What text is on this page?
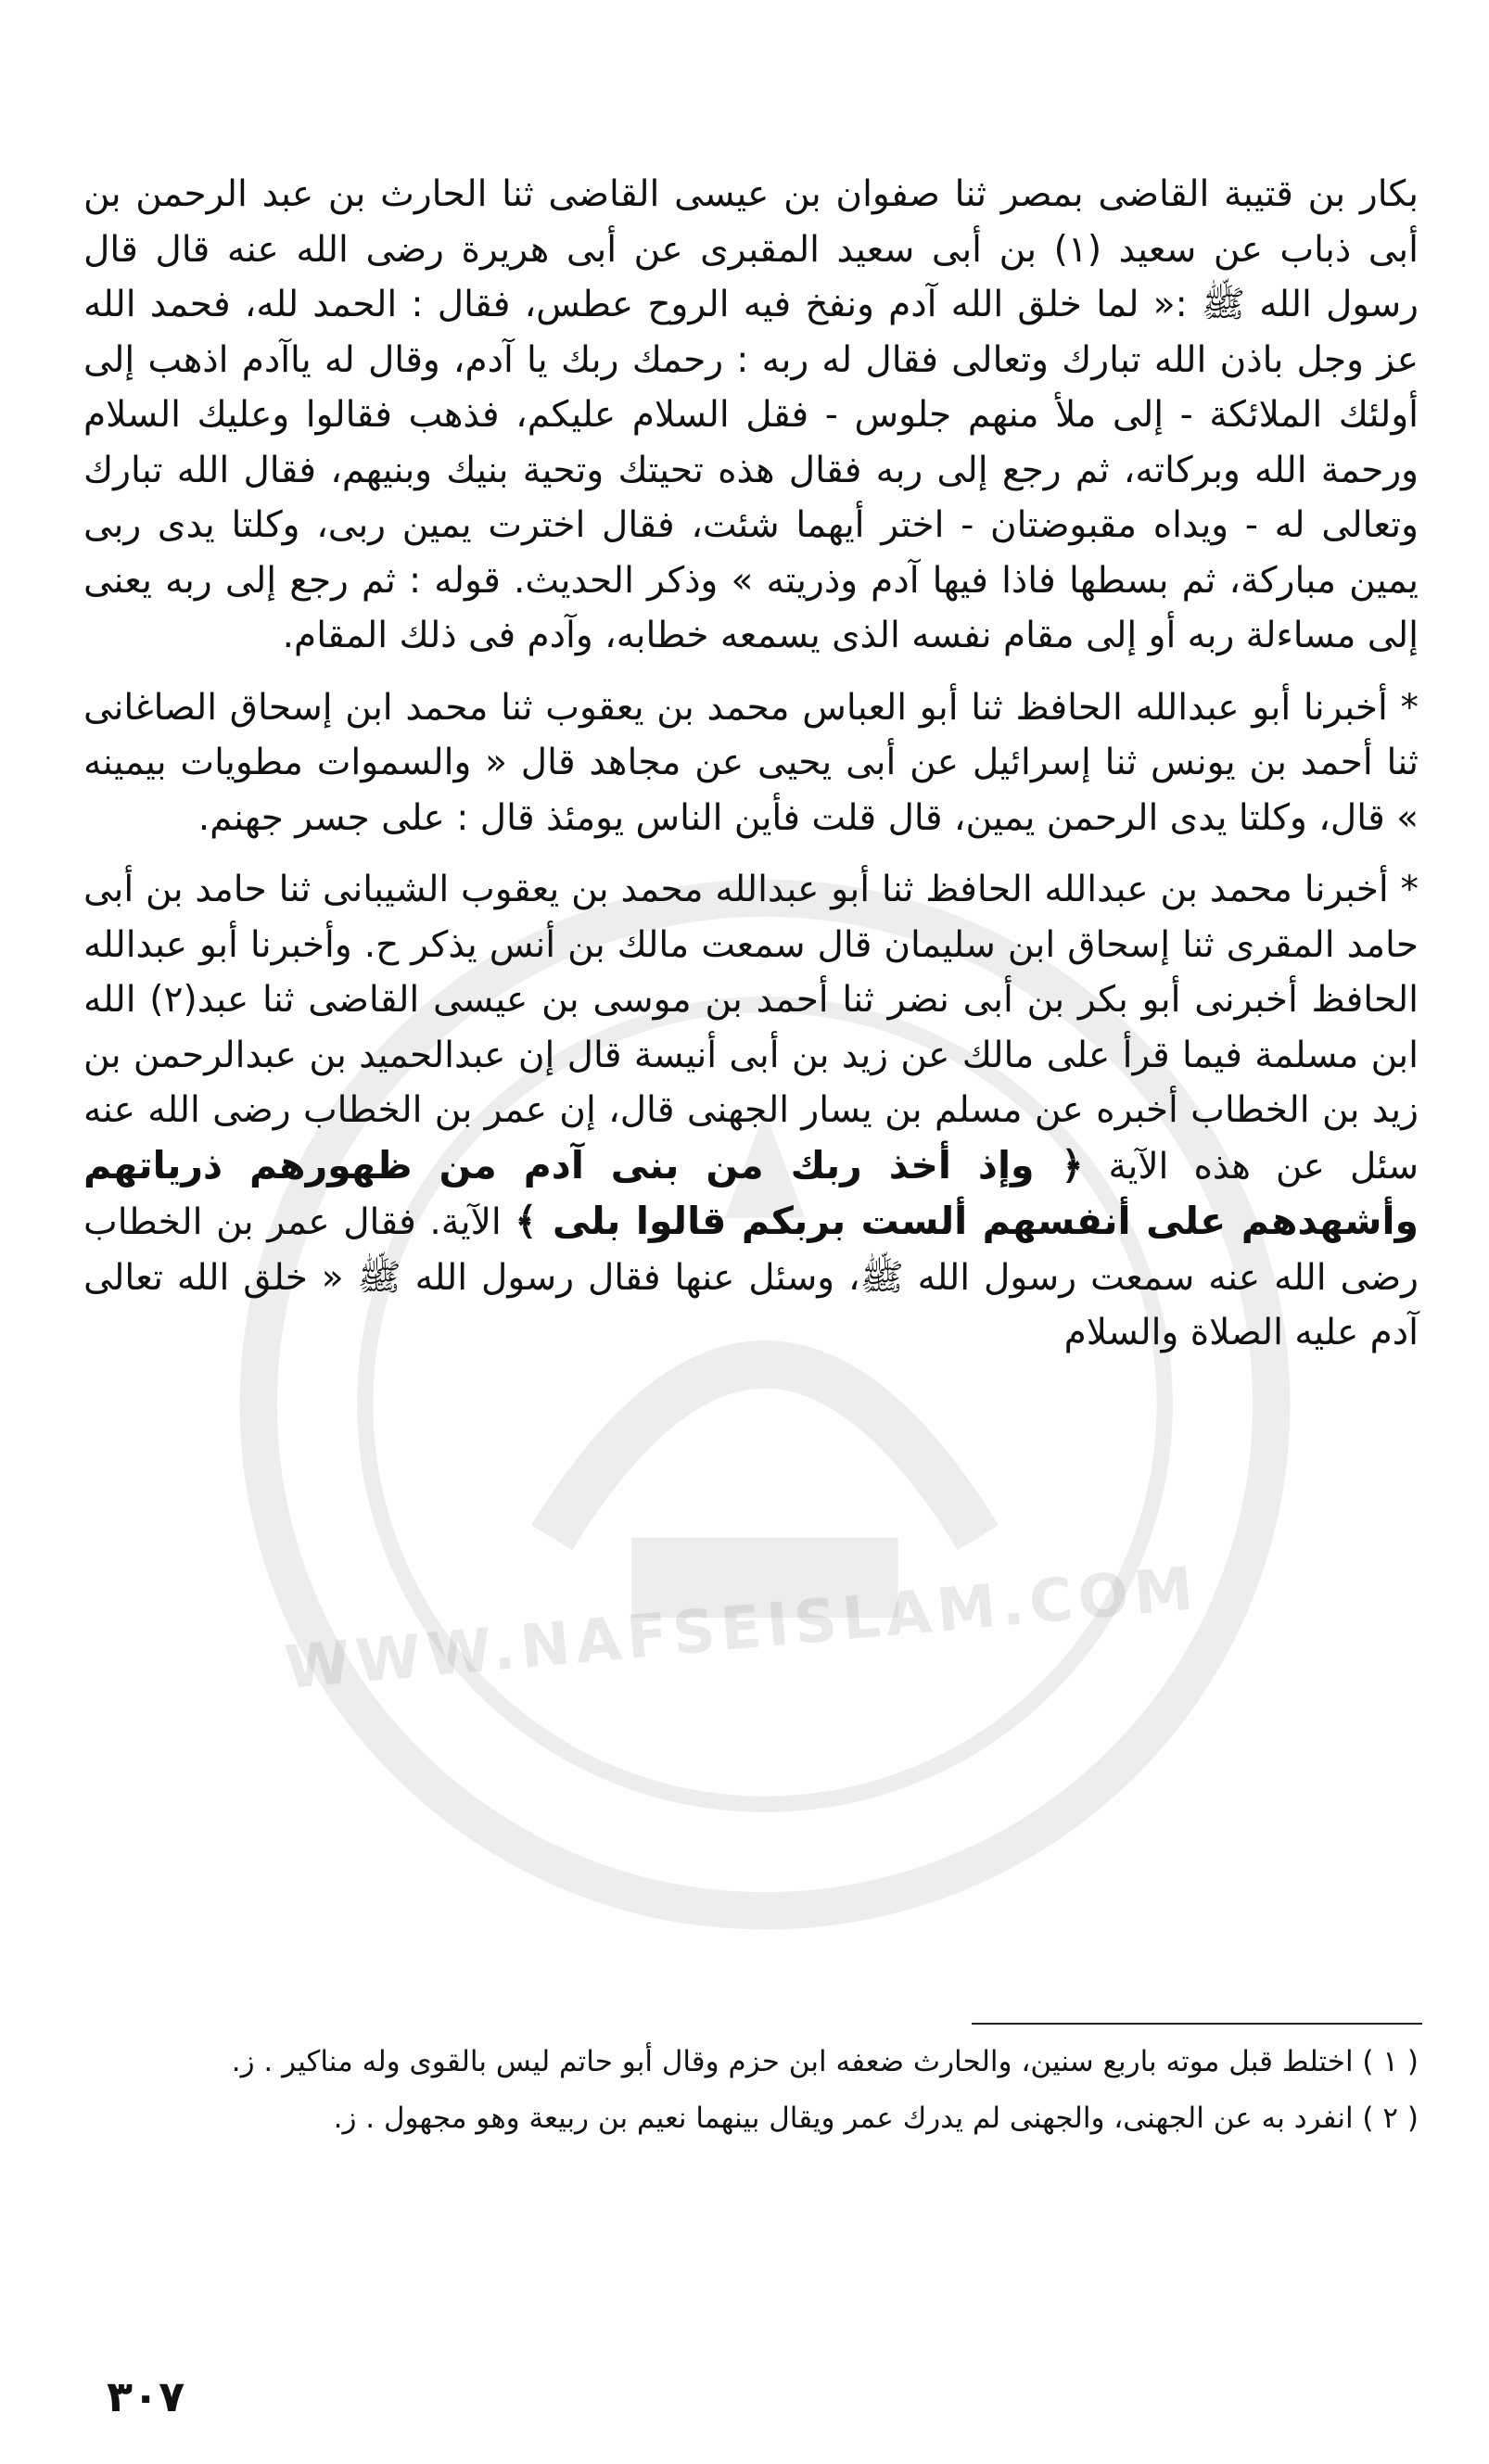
WWW.NAFSEISLAM.COM

بكار بن قتيبة القاضى بمصر ثنا صفوان بن عيسى القاضى ثنا الحارث بن عبد الرحمن بن أبى ذباب عن سعيد (١) بن أبى سعيد المقبرى عن أبى هريرة رضى الله عنه قال قال رسول الله ﷺ :« لما خلق الله آدم ونفخ فيه الروح عطس، فقال : الحمد لله، فحمد الله عز وجل باذن الله تبارك وتعالى فقال له ربه : رحمك ربك يا آدم، وقال له ياآدم اذهب إلى أولئك الملائكة - إلى ملأ منهم جلوس - فقل السلام عليكم، فذهب فقالوا وعليك السلام ورحمة الله وبركاته، ثم رجع إلى ربه فقال هذه تحيتك وتحية بنيك وبنيهم، فقال الله تبارك وتعالى له - ويداه مقبوضتان - اختر أيهما شئت، فقال اخترت يمين ربى، وكلتا يدى ربى يمين مباركة، ثم بسطها فاذا فيها آدم وذريته » وذكر الحديث. قوله : ثم رجع إلى ربه يعنى إلى مساءلة ربه أو إلى مقام نفسه الذى يسمعه خطابه، وآدم فى ذلك المقام.

* أخبرنا أبو عبدالله الحافظ ثنا أبو العباس محمد بن يعقوب ثنا محمد ابن إسحاق الصاغانى ثنا أحمد بن يونس ثنا إسرائيل عن أبى يحيى عن مجاهد قال « والسموات مطويات بيمينه » قال، وكلتا يدى الرحمن يمين، قال قلت فأين الناس يومئذ قال : على جسر جهنم.

* أخبرنا محمد بن عبدالله الحافظ ثنا أبو عبدالله محمد بن يعقوب الشيبانى ثنا حامد بن أبى حامد المقرى ثنا إسحاق ابن سليمان قال سمعت مالك بن أنس يذكر ح. وأخبرنا أبو عبدالله الحافظ أخبرنى أبو بكر بن أبى نضر ثنا أحمد بن موسى بن عيسى القاضى ثنا عبد(٢) الله ابن مسلمة فيما قرأ على مالك عن زيد بن أبى أنيسة قال إن عبدالحميد بن عبدالرحمن بن زيد بن الخطاب أخبره عن مسلم بن يسار الجهنى قال، إن عمر بن الخطاب رضى الله عنه سئل عن هذه الآية ﴿ وإذ أخذ ربك من بنى آدم من ظهورهم ذرياتهم وأشهدهم على أنفسهم ألست بربكم قالوا بلى ﴾ الآية. فقال عمر بن الخطاب رضى الله عنه سمعت رسول الله ﷺ، وسئل عنها فقال رسول الله ﷺ « خلق الله تعالى آدم عليه الصلاة والسلام

( ١ ) اختلط قبل موته باربع سنين، والحارث ضعفه ابن حزم وقال أبو حاتم ليس بالقوى وله مناكير . ز.

( ٢ ) انفرد به عن الجهنى، والجهنى لم يدرك عمر ويقال بينهما نعيم بن ربيعة وهو مجهول . ز.

٣٠٧
